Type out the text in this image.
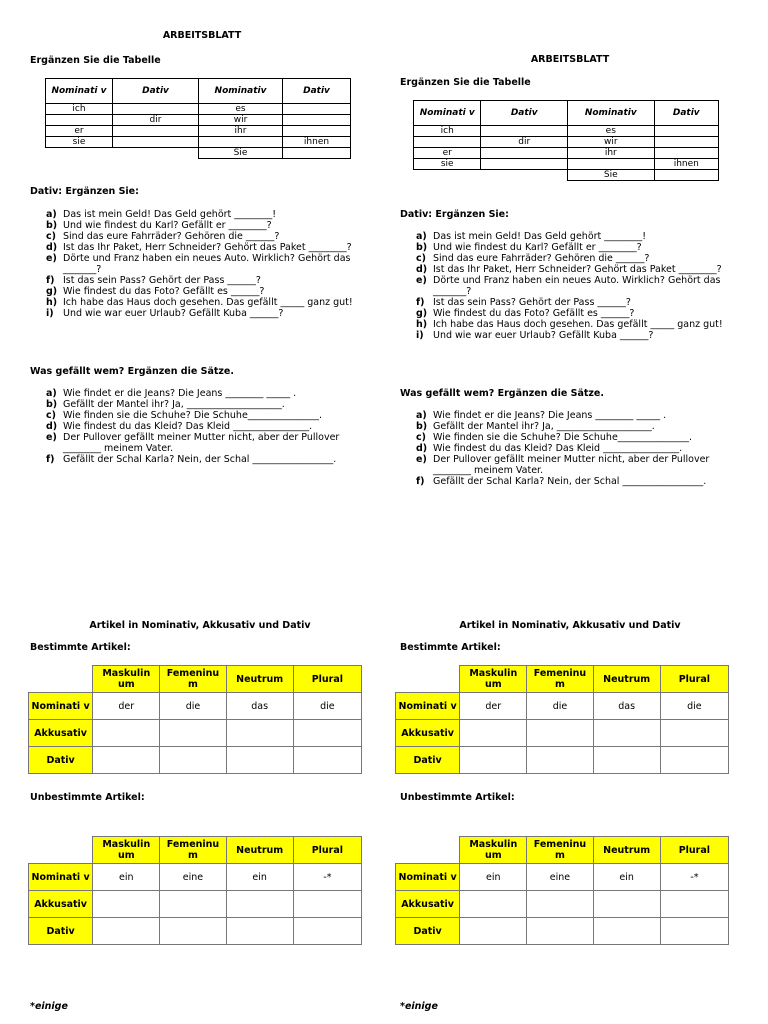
ARBEITSBLATT
Ergänzen Sie die Tabelle
Nominati v	Dativ	Nominativ	Dativ
ich		es	
	dir	wir	
er		ihr	
sie			ihnen
		Sie	
Dativ: Ergänzen Sie:
a) Das ist mein Geld! Das Geld gehört ________!
b) Und wie findest du Karl? Gefällt er ________?
c) Sind das eure Fahrräder? Gehören die ______?
d) Ist das Ihr Paket, Herr Schneider? Gehört das Paket ________?
e) Dörte und Franz haben ein neues Auto. Wirklich? Gehört das _______?
f) Ist das sein Pass? Gehört der Pass ______?
g) Wie findest du das Foto? Gefällt es ______?
h) Ich habe das Haus doch gesehen. Das gefällt _____ ganz gut!
i) Und wie war euer Urlaub? Gefällt Kuba ______?
Was gefällt wem? Ergänzen die Sätze.
a) Wie findet er die Jeans? Die Jeans ________ _____ .
b) Gefällt der Mantel ihr? Ja, ____________________.
c) Wie finden sie die Schuhe? Die Schuhe_______________.
d) Wie findest du das Kleid? Das Kleid ________________.
e) Der Pullover gefällt meiner Mutter nicht, aber der Pullover ________ meinem Vater.
f) Gefällt der Schal Karla? Nein, der Schal _________________.
ARBEITSBLATT
Ergänzen Sie die Tabelle
Nominati v	Dativ	Nominativ	Dativ
ich		es	
	dir	wir	
er		ihr	
sie			ihnen
		Sie	
Dativ: Ergänzen Sie:
a) Das ist mein Geld! Das Geld gehört ________!
b) Und wie findest du Karl? Gefällt er ________?
c) Sind das eure Fahrräder? Gehören die ______?
d) Ist das Ihr Paket, Herr Schneider? Gehört das Paket ________?
e) Dörte und Franz haben ein neues Auto. Wirklich? Gehört das _______?
f) Ist das sein Pass? Gehört der Pass ______?
g) Wie findest du das Foto? Gefällt es ______?
h) Ich habe das Haus doch gesehen. Das gefällt _____ ganz gut!
i) Und wie war euer Urlaub? Gefällt Kuba ______?
Was gefällt wem? Ergänzen die Sätze.
a) Wie findet er die Jeans? Die Jeans ________ _____ .
b) Gefällt der Mantel ihr? Ja, ____________________.
c) Wie finden sie die Schuhe? Die Schuhe_______________.
d) Wie findest du das Kleid? Das Kleid ________________.
e) Der Pullover gefällt meiner Mutter nicht, aber der Pullover ________ meinem Vater.
f) Gefällt der Schal Karla? Nein, der Schal _________________.
Artikel in Nominativ, Akkusativ und Dativ
Bestimmte Artikel:
	Maskulin um	Femeninu m	Neutrum	Plural
Nominati v	der	die	das	die
Akkusativ				
Dativ				
Unbestimmte Artikel:
	Maskulin um	Femeninu m	Neutrum	Plural
Nominati v	ein	eine	ein	-*
Akkusativ				
Dativ				
*einige
Artikel in Nominativ, Akkusativ und Dativ
Bestimmte Artikel:
	Maskulin um	Femeninu m	Neutrum	Plural
Nominati v	der	die	das	die
Akkusativ				
Dativ				
Unbestimmte Artikel:
	Maskulin um	Femeninu m	Neutrum	Plural
Nominati v	ein	eine	ein	-*
Akkusativ				
Dativ				
*einige
